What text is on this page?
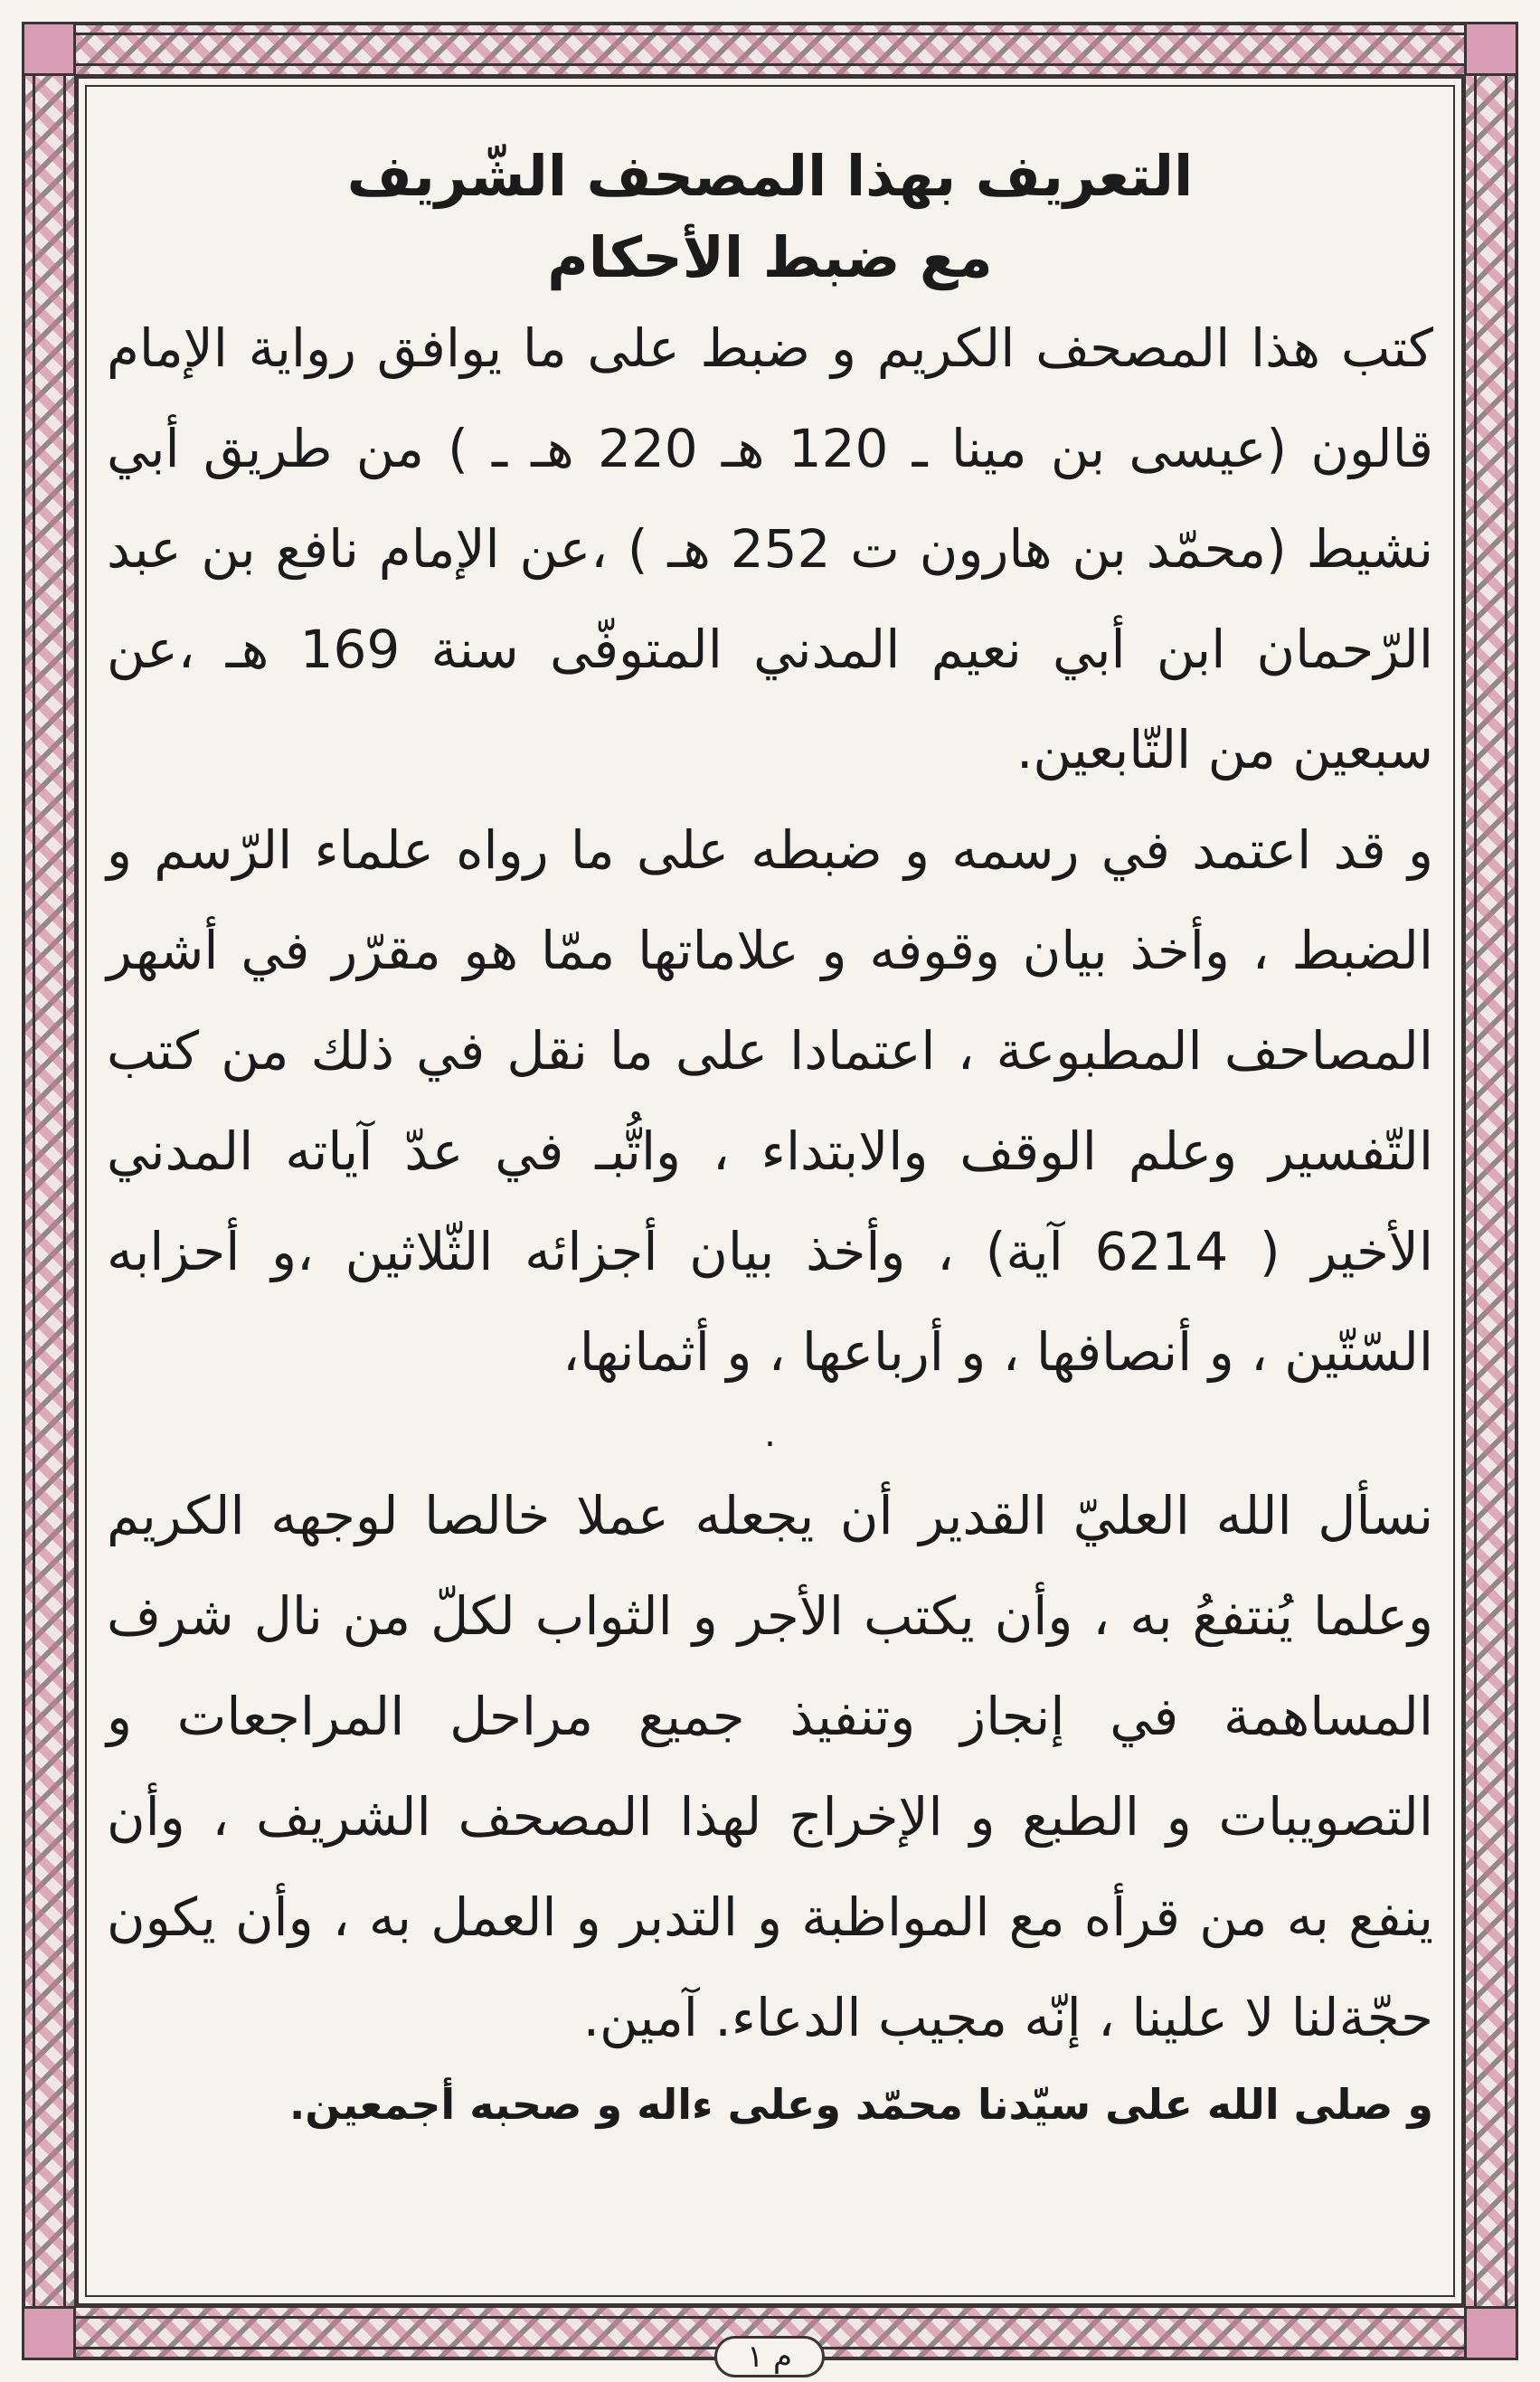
التعريف بهذا المصحف الشّريف
مع ضبط الأحكام

كتب هذا المصحف الكريم و ضبط على ما يوافق رواية الإمام قالون (عيسى بن مينا ـ 120 هـ 220 هـ ـ ) من طريق أبي نشيط (محمّد بن هارون ت 252 هـ ) ،عن الإمام نافع بن عبد الرّحمان ابن أبي نعيم المدني المتوفّى سنة 169 هـ ،عن سبعين من التّابعين.

و قد اعتمد في رسمه و ضبطه على ما رواه علماء الرّسم و الضبط ، وأخذ بيان وقوفه و علاماتها ممّا هو مقرّر في أشهر المصاحف المطبوعة ، اعتمادا على ما نقل في ذلك من كتب التّفسير وعلم الوقف والابتداء ، واتُّبـ في عدّ آياته المدني الأخير ( 6214 آية) ، وأخذ بيان أجزائه الثّلاثين ،و أحزابه السّتّين ، و أنصافها ، و أرباعها ، و أثمانها،

.

نسأل الله العليّ القدير أن يجعله عملا خالصا لوجهه الكريم وعلما يُنتفعُ به ، وأن يكتب الأجر و الثواب لكلّ من نال شرف المساهمة في إنجاز وتنفيذ جميع مراحل المراجعات و التصويبات و الطبع و الإخراج لهذا المصحف الشريف ، وأن ينفع به من قرأه مع المواظبة و التدبر و العمل به ، وأن يكون حجّةلنا لا علينا ، إنّه مجيب الدعاء. آمين.

و صلى الله على سيّدنا محمّد وعلى ءاله و صحبه أجمعين.

م ١
